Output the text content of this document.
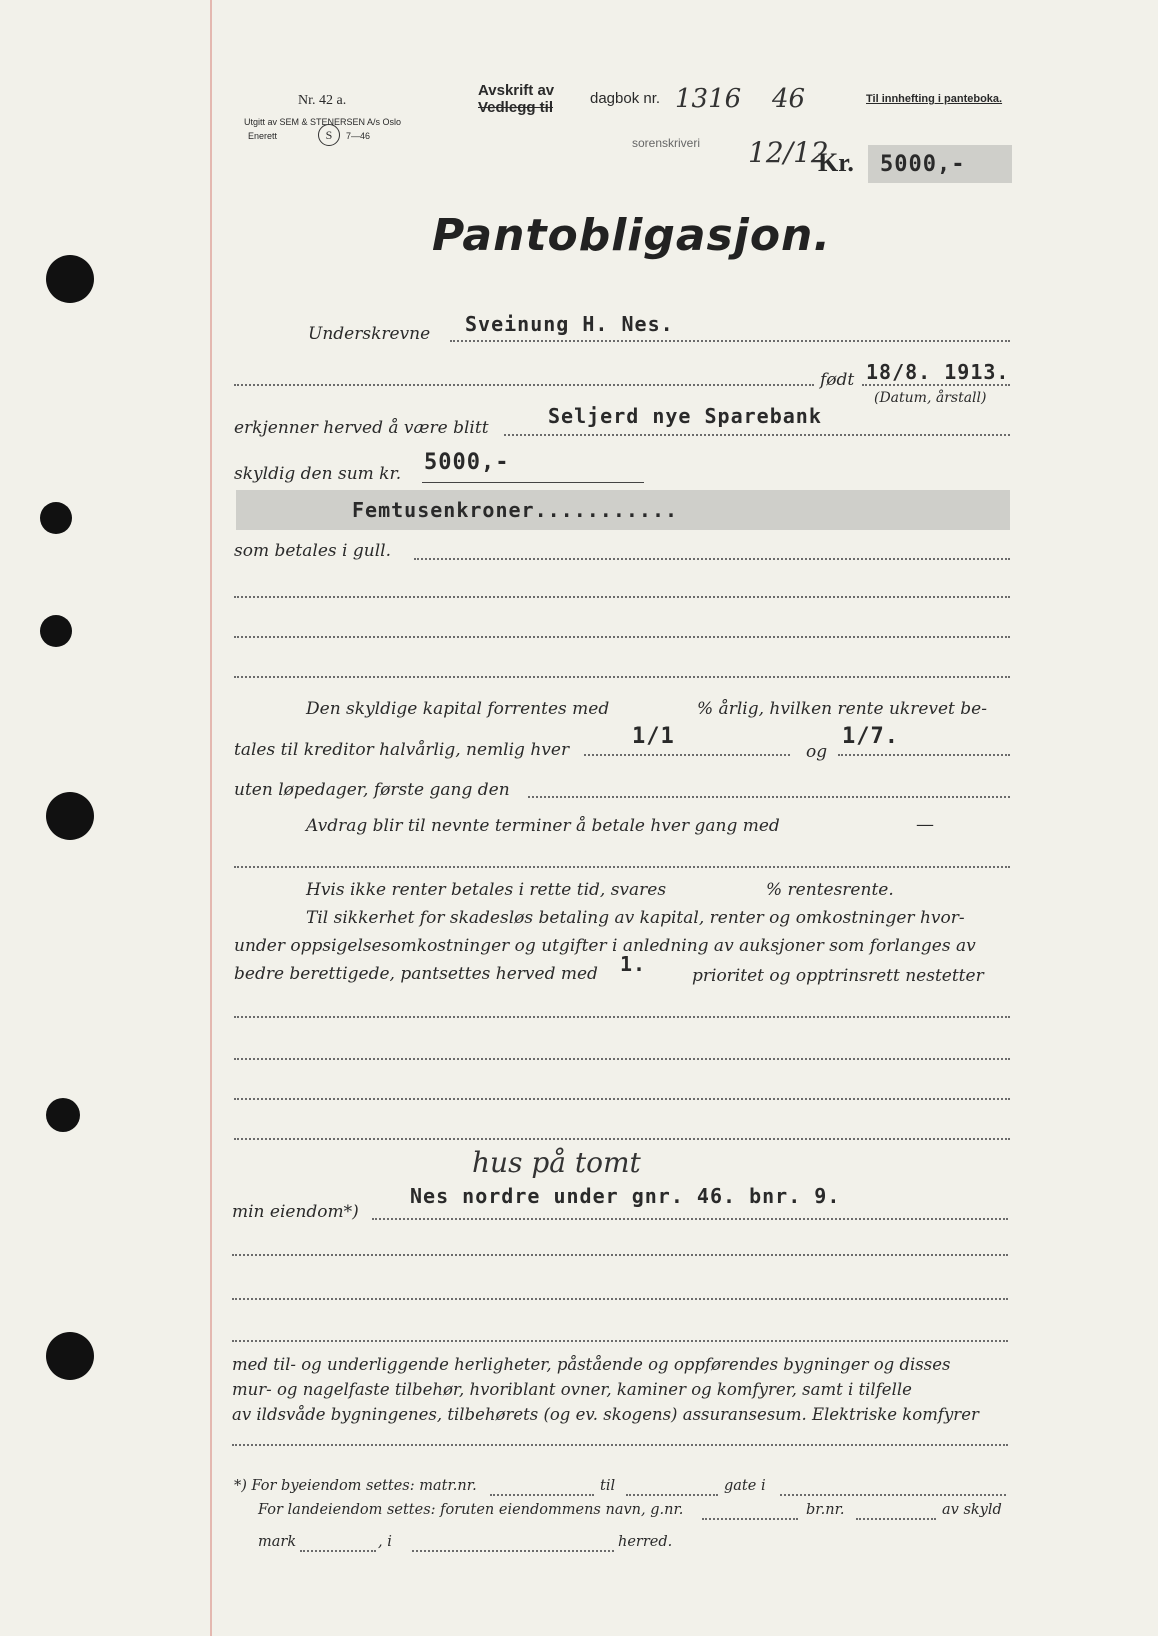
Nr. 42 a.
Utgitt av SEM & STENERSEN A/s Oslo
Enerett	S	7—46
Avskrift av
Vedlegg til
dagbok nr. 1316 46
sorenskriveri 12/12
Til innhefting i panteboka.
Kr. 5000,-
Pantobligasjon.
Underskrevne Sveinung H. Nes.
født 18/8. 1913.
(Datum, årstall)
erkjenner herved å være blitt	Seljerd nye Sparebank
skyldig den sum kr. 5000,-
Femtusenkroner...........
som betales i gull.
Den skyldige kapital forrentes med	% årlig, hvilken rente ukrevet be-
tales til kreditor halvårlig, nemlig hver
1/1
og
1/7.
uten løpedager, første gang den
Avdrag blir til nevnte terminer å betale hver gang med	—
Hvis ikke renter betales i rette tid, svares	% rentesrente.
Til sikkerhet for skadesløs betaling av kapital, renter og omkostninger hvor-
under oppsigelsesomkostninger og utgifter i anledning av auksjoner som forlanges av
bedre berettigede, pantsettes herved med 1.	prioritet og opptrinsrett nestetter
hus på tomt
Nes nordre under gnr. 46. bnr. 9.
min eiendom*)
med til- og underliggende herligheter, påstående og oppførendes bygninger og disses
mur- og nagelfaste tilbehør, hvoriblant ovner, kaminer og komfyrer, samt i tilfelle
av ildsvåde bygningenes, tilbehørets (og ev. skogens) assuransesum. Elektriske komfyrer
*) For byeiendom settes: matr.nr.	til	gate i
For landeiendom settes: foruten eiendommens navn, g.nr.	br.nr.	av skyld
mark	, i	herred.
